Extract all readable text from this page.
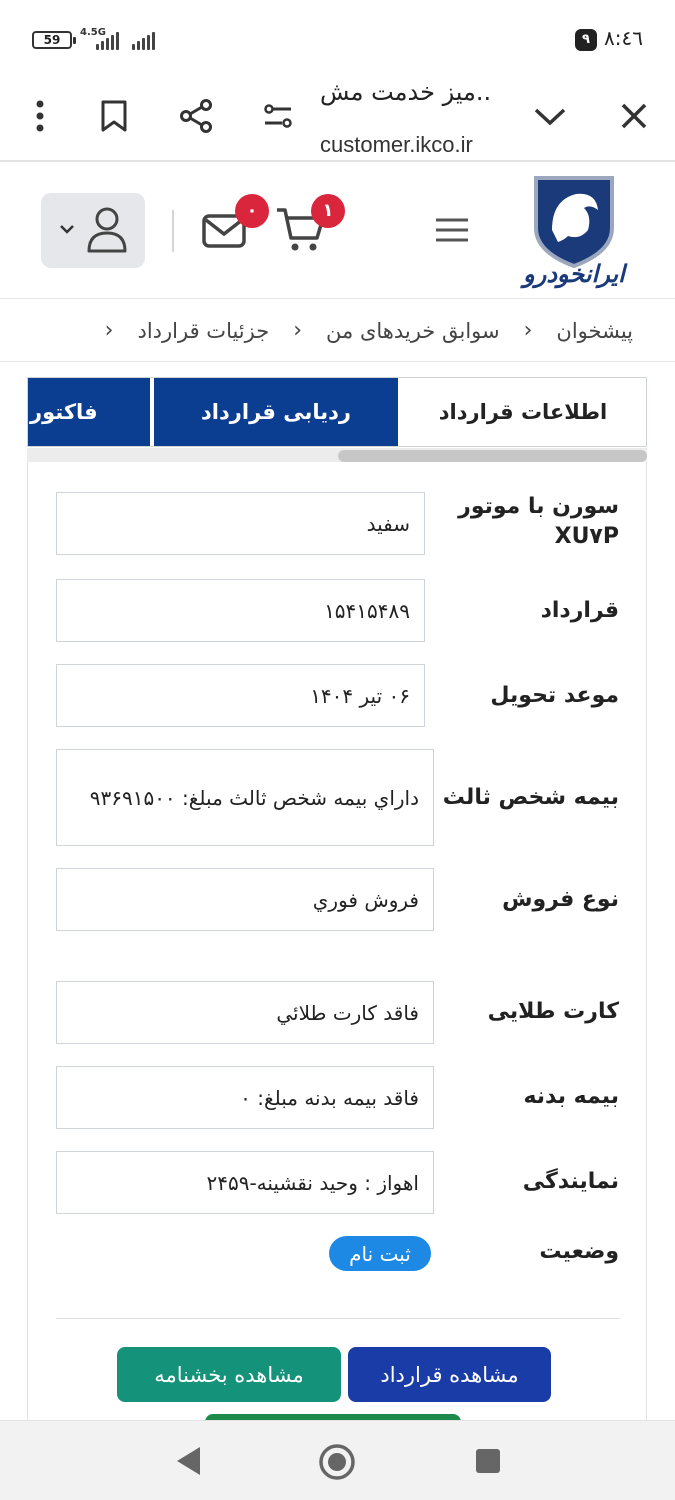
59
4.5G	۹ ۸:٤٦
میز خدمت مش..
customer.ikco.ir
ایرانخودرو
۱
۰
پیشخوان
‹
سوابق خریدهای من
‹
جزئیات قرارداد
‹
اطلاعات قرارداد
ردیابی قرارداد
فاکتور
سورن با موتور XU۷P
سفید
قرارداد
۱۵۴۱۵۴۸۹
موعد تحویل
۰۶ تیر ۱۴۰۴
بیمه شخص ثالث
داراي بيمه شخص ثالث مبلغ: ۹۳۶۹۱۵۰۰
نوع فروش
فروش فوري
کارت طلایی
فاقد کارت طلائي
بیمه بدنه
فاقد بيمه بدنه مبلغ: ۰
نمایندگی
اهواز : وحيد نقشينه-۲۴۵۹
وضعیت
ثبت نام
مشاهده قرارداد
مشاهده بخشنامه
